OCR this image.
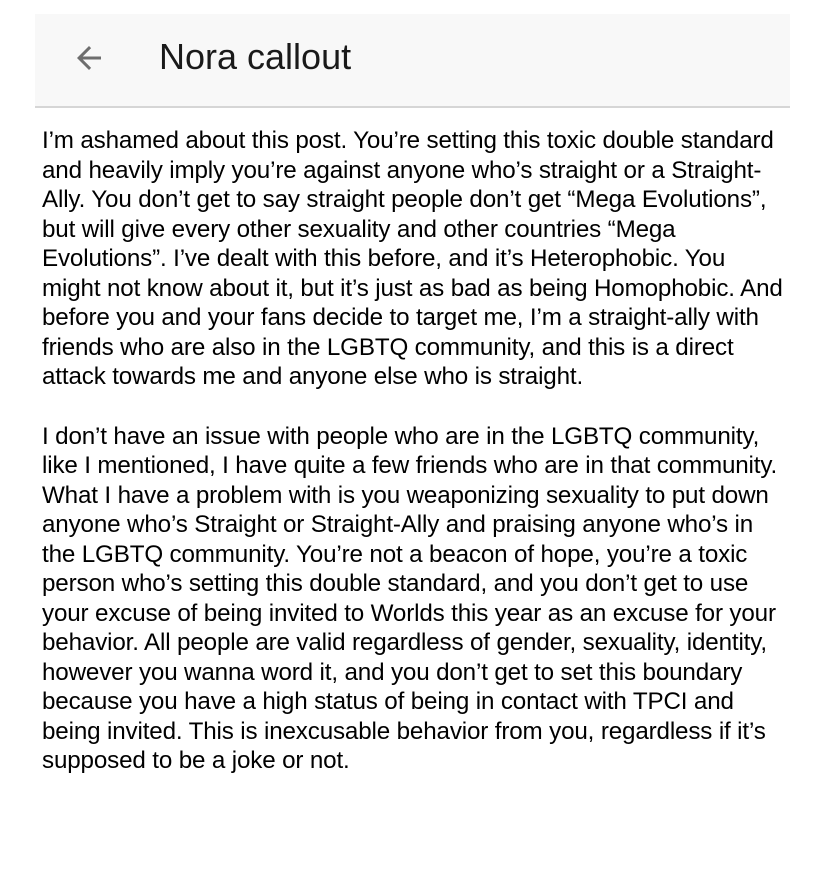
Nora callout

I’m ashamed about this post. You’re setting this toxic double standard and heavily imply you’re against anyone who’s straight or a Straight-Ally. You don’t get to say straight people don’t get “Mega Evolutions”, but will give every other sexuality and other countries “Mega Evolutions”. I’ve dealt with this before, and it’s Heterophobic. You might not know about it, but it’s just as bad as being Homophobic. And before you and your fans decide to target me, I’m a straight-ally with friends who are also in the LGBTQ community, and this is a direct attack towards me and anyone else who is straight.

I don’t have an issue with people who are in the LGBTQ community, like I mentioned, I have quite a few friends who are in that community. What I have a problem with is you weaponizing sexuality to put down anyone who’s Straight or Straight-Ally and praising anyone who’s in the LGBTQ community. You’re not a beacon of hope, you’re a toxic person who’s setting this double standard, and you don’t get to use your excuse of being invited to Worlds this year as an excuse for your behavior. All people are valid regardless of gender, sexuality, identity, however you wanna word it, and you don’t get to set this boundary because you have a high status of being in contact with TPCI and being invited. This is inexcusable behavior from you, regardless if it’s supposed to be a joke or not.
